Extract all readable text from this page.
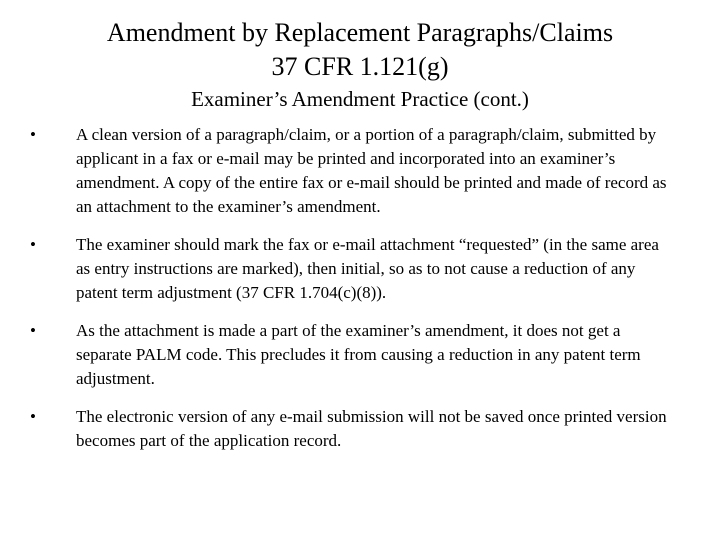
Amendment by Replacement Paragraphs/Claims
37 CFR 1.121(g)
Examiner’s Amendment Practice (cont.)
•	A clean version of a paragraph/claim, or a portion of a paragraph/claim, submitted by applicant in a fax or e-mail may be printed and incorporated into an examiner’s amendment. A copy of the entire fax or e-mail should be printed and made of record as an attachment to the examiner’s amendment.
•	The examiner should mark the fax or e-mail attachment “requested” (in the same area as entry instructions are marked), then initial, so as to not cause a reduction of any patent term adjustment (37 CFR 1.704(c)(8)).
•	As the attachment is made a part of the examiner’s amendment, it does not get a separate PALM code. This precludes it from causing a reduction in any patent term adjustment.
•	The electronic version of any e-mail submission will not be saved once printed version becomes part of the application record.
